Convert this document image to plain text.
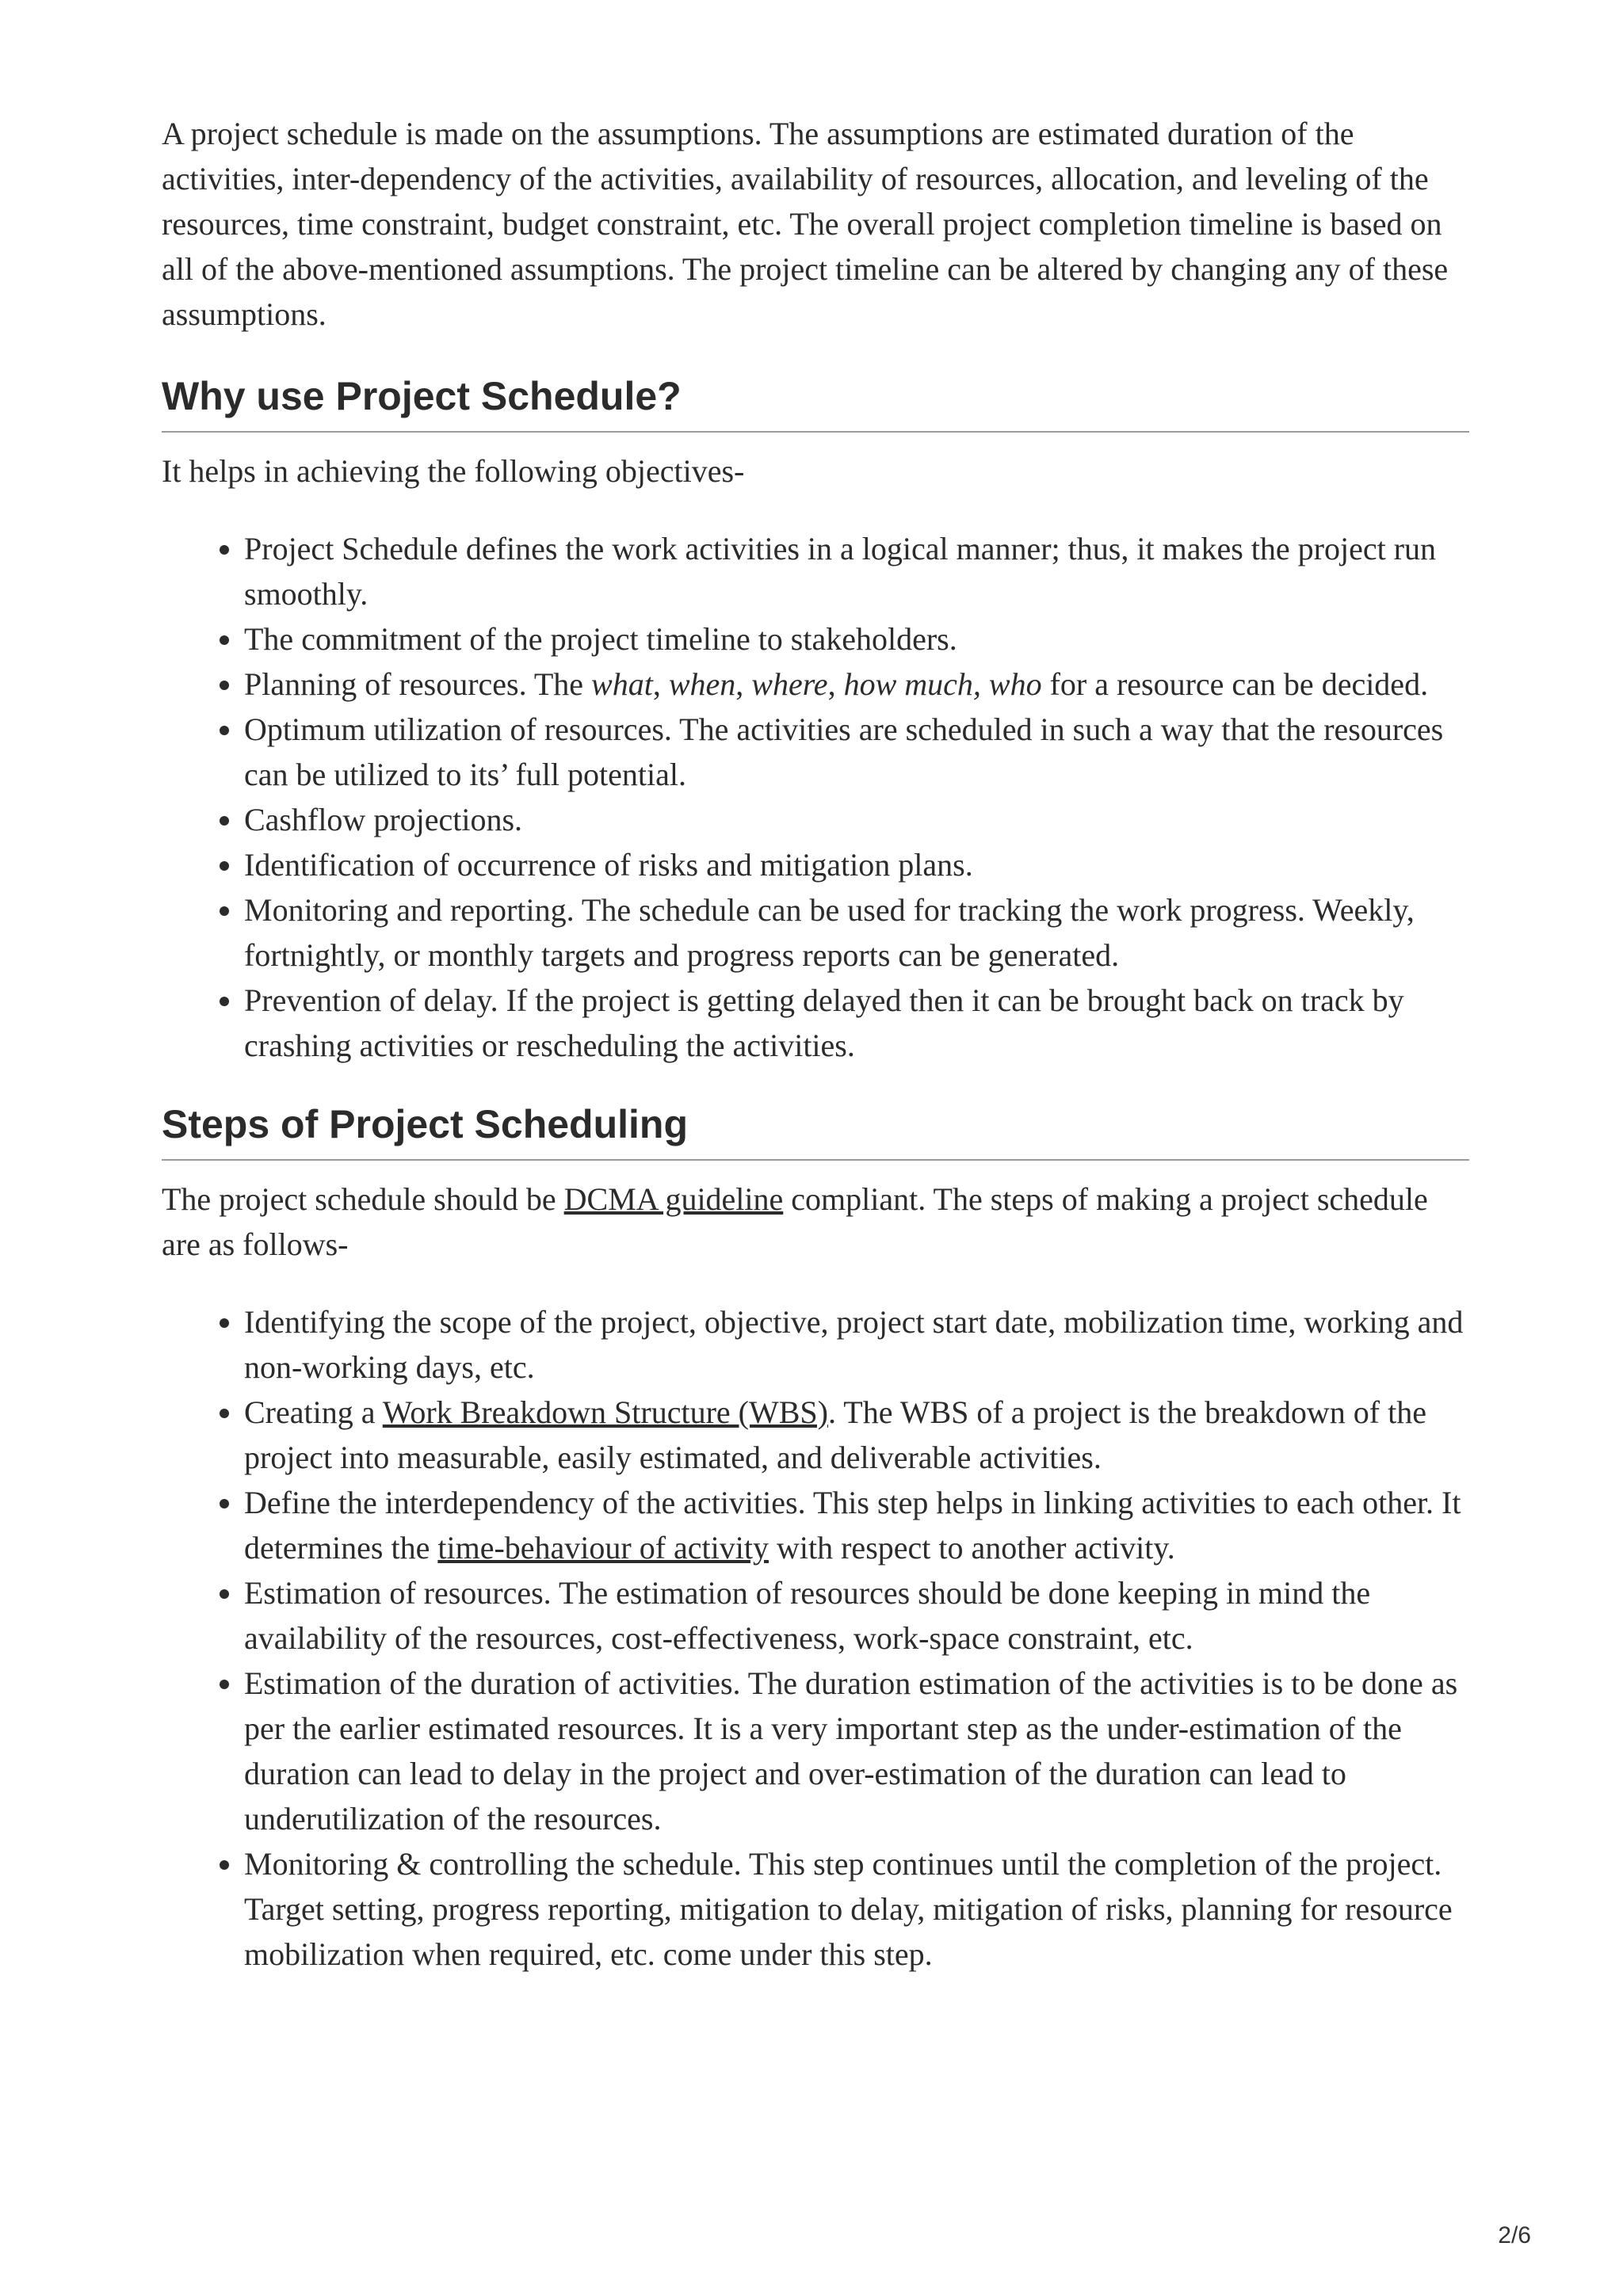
A project schedule is made on the assumptions. The assumptions are estimated duration of the activities, inter-dependency of the activities, availability of resources, allocation, and leveling of the resources, time constraint, budget constraint, etc. The overall project completion timeline is based on all of the above-mentioned assumptions. The project timeline can be altered by changing any of these assumptions.

Why use Project Schedule?

It helps in achieving the following objectives-

• Project Schedule defines the work activities in a logical manner; thus, it makes the project run smoothly.
• The commitment of the project timeline to stakeholders.
• Planning of resources. The what, when, where, how much, who for a resource can be decided.
• Optimum utilization of resources. The activities are scheduled in such a way that the resources can be utilized to its’ full potential.
• Cashflow projections.
• Identification of occurrence of risks and mitigation plans.
• Monitoring and reporting. The schedule can be used for tracking the work progress. Weekly, fortnightly, or monthly targets and progress reports can be generated.
• Prevention of delay. If the project is getting delayed then it can be brought back on track by crashing activities or rescheduling the activities.
Steps of Project Scheduling

The project schedule should be DCMA guideline compliant. The steps of making a project schedule are as follows-

• Identifying the scope of the project, objective, project start date, mobilization time, working and non-working days, etc.
• Creating a Work Breakdown Structure (WBS). The WBS of a project is the breakdown of the project into measurable, easily estimated, and deliverable activities.
• Define the interdependency of the activities. This step helps in linking activities to each other. It determines the time-behaviour of activity with respect to another activity.
• Estimation of resources. The estimation of resources should be done keeping in mind the availability of the resources, cost-effectiveness, work-space constraint, etc.
• Estimation of the duration of activities. The duration estimation of the activities is to be done as per the earlier estimated resources. It is a very important step as the under-estimation of the duration can lead to delay in the project and over-estimation of the duration can lead to underutilization of the resources.
• Monitoring & controlling the schedule. This step continues until the completion of the project. Target setting, progress reporting, mitigation to delay, mitigation of risks, planning for resource mobilization when required, etc. come under this step.
2/6
